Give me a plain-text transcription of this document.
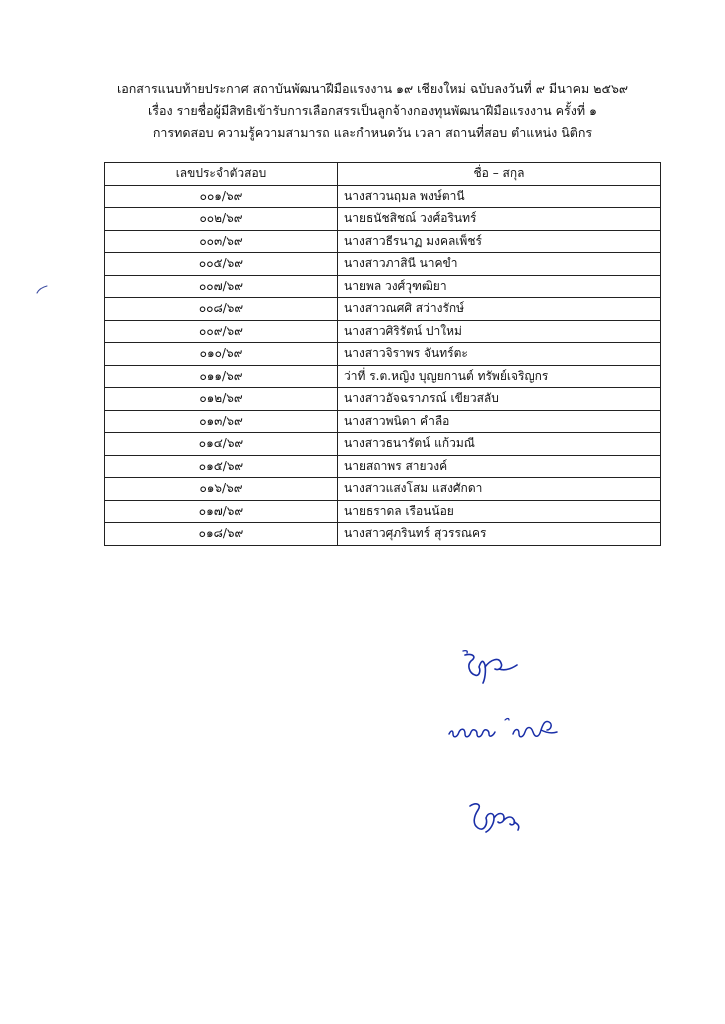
เอกสารแนบท้ายประกาศ สถาบันพัฒนาฝีมือแรงงาน ๑๙ เชียงใหม่ ฉบับลงวันที่ ๙ มีนาคม ๒๕๖๙
เรื่อง รายชื่อผู้มีสิทธิเข้ารับการเลือกสรรเป็นลูกจ้างกองทุนพัฒนาฝีมือแรงงาน ครั้งที่ ๑
การทดสอบ ความรู้ความสามารถ และกำหนดวัน เวลา สถานที่สอบ ตำแหน่ง นิติกร
เลขประจำตัวสอบ	ชื่อ – สกุล
๐๐๑/๖๙	นางสาวนฤมล พงษ์ตานี
๐๐๒/๖๙	นายธนัชสิชณ์ วงศ์อรินทร์
๐๐๓/๖๙	นางสาวธีรนาฏ มงคลเพ็ชร์
๐๐๕/๖๙	นางสาวภาสินี นาคขำ
๐๐๗/๖๙	นายพล วงศ์วุฑฒิยา
๐๐๘/๖๙	นางสาวณศศิ สว่างรักษ์
๐๐๙/๖๙	นางสาวศิริรัตน์ ปาใหม่
๐๑๐/๖๙	นางสาวจิราพร จันทร์ตะ
๐๑๑/๖๙	ว่าที่ ร.ต.หญิง บุญยกานต์ ทรัพย์เจริญกร
๐๑๒/๖๙	นางสาวอัจฉราภรณ์ เขียวสลับ
๐๑๓/๖๙	นางสาวพนิดา คำลือ
๐๑๔/๖๙	นางสาวธนารัตน์ แก้วมณี
๐๑๕/๖๙	นายสถาพร สายวงค์
๐๑๖/๖๙	นางสาวแสงโสม แสงศักดา
๐๑๗/๖๙	นายธราดล เรือนน้อย
๐๑๘/๖๙	นางสาวศุภรินทร์ สุวรรณคร
